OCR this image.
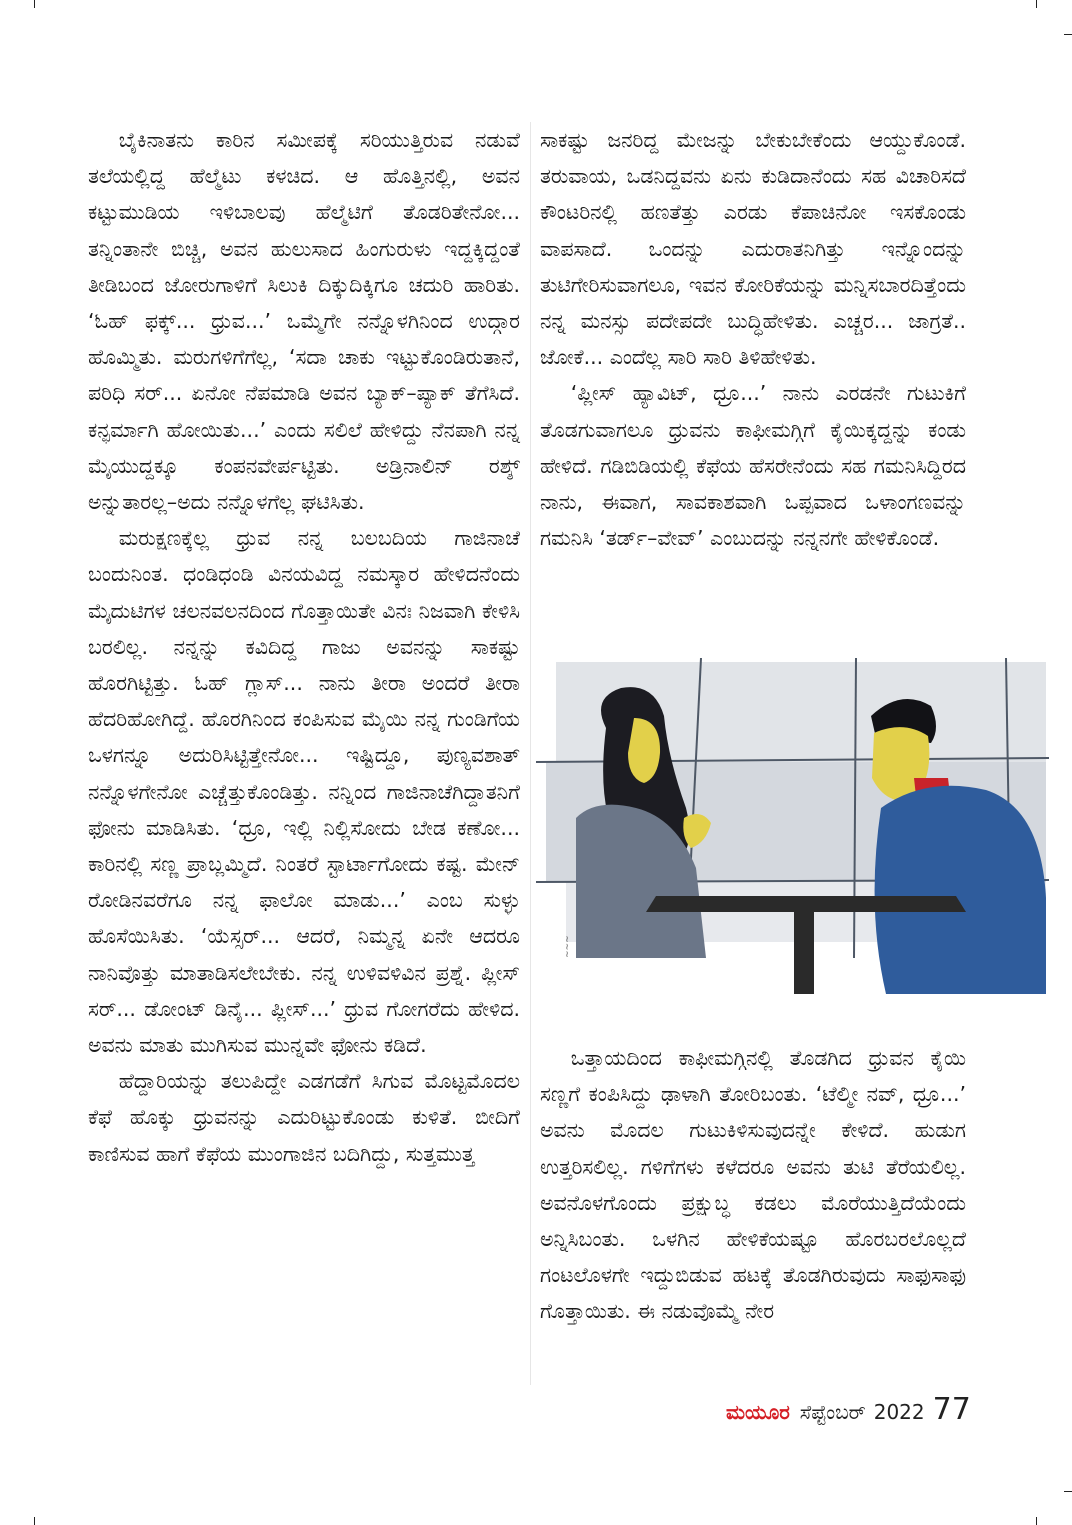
ಬೈಕಿನಾತನು ಕಾರಿನ ಸಮೀಪಕ್ಕೆ ಸರಿಯುತ್ತಿರುವ ನಡುವೆ ತಲೆಯಲ್ಲಿದ್ದ ಹೆಲ್ಮೆಟು ಕಳಚಿದ. ಆ ಹೊತ್ತಿನಲ್ಲಿ, ಅವನ ಕಟ್ಟುಮುಡಿಯ ಇಳಿಬಾಲವು ಹೆಲ್ಮೆಟಿಗೆ ತೊಡರಿತೇನೋ... ತನ್ನಿಂತಾನೇ ಬಿಚ್ಚಿ, ಅವನ ಹುಲುಸಾದ ಹಿಂಗುರುಳು ಇದ್ದಕ್ಕಿದ್ದಂತೆ ತೀಡಿಬಂದ ಜೋರುಗಾಳಿಗೆ ಸಿಲುಕಿ ದಿಕ್ಕುದಿಕ್ಕಿಗೂ ಚದುರಿ ಹಾರಿತು. ‘ಓಹ್ ಫಕ್ಕ್... ಧ್ರುವ...’ ಒಮ್ಮೆಗೇ ನನ್ನೊಳಗಿನಿಂದ ಉದ್ಗಾರ ಹೊಮ್ಮಿತು. ಮರುಗಳಿಗೆಗೆಲ್ಲ, ‘ಸದಾ ಚಾಕು ಇಟ್ಟುಕೊಂಡಿರುತಾನೆ, ಪರಿಧಿ ಸರ್... ಏನೋ ನೆಪಮಾಡಿ ಅವನ ಬ್ಯಾಕ್–ಪ್ಯಾಕ್ ತೆಗೆಸಿದೆ. ಕನ್ಫರ್ಮಾಗಿ ಹೋಯಿತು...’ ಎಂದು ಸಲಿಲೆ ಹೇಳಿದ್ದು ನೆನಪಾಗಿ ನನ್ನ ಮೈಯುದ್ದಕ್ಕೂ ಕಂಪನವೇರ್ಪಟ್ಟಿತು. ಅಡ್ರಿನಾಲಿನ್ ರಶ್ಶ್ ಅನ್ನುತಾರಲ್ಲ–ಅದು ನನ್ನೊಳಗೆಲ್ಲ ಘಟಿಸಿತು.

ಮರುಕ್ಷಣಕ್ಕೆಲ್ಲ ಧ್ರುವ ನನ್ನ ಬಲಬದಿಯ ಗಾಜಿನಾಚೆ ಬಂದುನಿಂತ. ಧಂಡಿಧಂಡಿ ವಿನಯವಿದ್ದ ನಮಸ್ಕಾರ ಹೇಳಿದನೆಂದು ಮೈದುಟಿಗಳ ಚಲನವಲನದಿಂದ ಗೊತ್ತಾಯಿತೇ ವಿನಃ ನಿಜವಾಗಿ ಕೇಳಿಸಿ ಬರಲಿಲ್ಲ. ನನ್ನನ್ನು ಕವಿದಿದ್ದ ಗಾಜು ಅವನನ್ನು ಸಾಕಷ್ಟು ಹೊರಗಿಟ್ಟಿತ್ತು. ಓಹ್ ಗ್ಲಾಸ್... ನಾನು ತೀರಾ ಅಂದರೆ ತೀರಾ ಹೆದರಿಹೋಗಿದ್ದೆ. ಹೊರಗಿನಿಂದ ಕಂಪಿಸುವ ಮೈಯಿ ನನ್ನ ಗುಂಡಿಗೆಯ ಒಳಗನ್ನೂ ಅದುರಿಸಿಟ್ಟಿತ್ತೇನೋ... ಇಷ್ಟಿದ್ದೂ, ಪುಣ್ಯವಶಾತ್ ನನ್ನೊಳಗೇನೋ ಎಚ್ಚೆತ್ತುಕೊಂಡಿತ್ತು. ನನ್ನಿಂದ ಗಾಜಿನಾಚೆಗಿದ್ದಾತನಿಗೆ ಫೋನು ಮಾಡಿಸಿತು. ‘ಧ್ರೂ, ಇಲ್ಲಿ ನಿಲ್ಲಿಸೋದು ಬೇಡ ಕಣೋ... ಕಾರಿನಲ್ಲಿ ಸಣ್ಣ ಪ್ರಾಬ್ಲಮ್ಮಿದೆ. ನಿಂತರೆ ಸ್ಟಾರ್ಟಾಗೋದು ಕಷ್ಟ. ಮೇನ್ ರೋಡಿನವರೆಗೂ ನನ್ನ ಫಾಲೋ ಮಾಡು...’ ಎಂಬ ಸುಳ್ಳು ಹೊಸೆಯಿಸಿತು. ‘ಯೆಸ್ಸರ್... ಆದರೆ, ನಿಮ್ಮನ್ನ ಏನೇ ಆದರೂ ನಾನಿವೊತ್ತು ಮಾತಾಡಿಸಲೇಬೇಕು. ನನ್ನ ಉಳಿವಳಿವಿನ ಪ್ರಶ್ನೆ. ಪ್ಲೀಸ್ ಸರ್... ಡೋಂಟ್ ಡಿನೈ... ಪ್ಲೀಸ್...’ ಧ್ರುವ ಗೋಗರೆದು ಹೇಳಿದ. ಅವನು ಮಾತು ಮುಗಿಸುವ ಮುನ್ನವೇ ಫೋನು ಕಡಿದೆ.

ಹೆದ್ದಾರಿಯನ್ನು ತಲುಪಿದ್ದೇ ಎಡಗಡೆಗೆ ಸಿಗುವ ಮೊಟ್ಟಮೊದಲ ಕೆಫೆ ಹೊಕ್ಕು ಧ್ರುವನನ್ನು ಎದುರಿಟ್ಟುಕೊಂಡು ಕುಳಿತೆ. ಬೀದಿಗೆ ಕಾಣಿಸುವ ಹಾಗೆ ಕೆಫೆಯ ಮುಂಗಾಜಿನ ಬದಿಗಿದ್ದು, ಸುತ್ತಮುತ್ತ

ಸಾಕಷ್ಟು ಜನರಿದ್ದ ಮೇಜನ್ನು ಬೇಕುಬೇಕೆಂದು ಆಯ್ದುಕೊಂಡೆ. ತರುವಾಯ, ಒಡನಿದ್ದವನು ಏನು ಕುಡಿದಾನೆಂದು ಸಹ ವಿಚಾರಿಸದೆ ಕೌಂಟರಿನಲ್ಲಿ ಹಣತೆತ್ತು ಎರಡು ಕೆಪಾಚಿನೋ ಇಸಕೊಂಡು ವಾಪಸಾದೆ. ಒಂದನ್ನು ಎದುರಾತನಿಗಿತ್ತು ಇನ್ನೊಂದನ್ನು ತುಟಿಗೇರಿಸುವಾಗಲೂ, ಇವನ ಕೋರಿಕೆಯನ್ನು ಮನ್ನಿಸಬಾರದಿತ್ತೆಂದು ನನ್ನ ಮನಸ್ಸು ಪದೇಪದೇ ಬುದ್ಧಿಹೇಳಿತು. ಎಚ್ಚರ... ಜಾಗ್ರತೆ.. ಜೋಕೆ... ಎಂದೆಲ್ಲ ಸಾರಿ ಸಾರಿ ತಿಳಿಹೇಳಿತು.

‘ಪ್ಲೀಸ್ ಹ್ಯಾವಿಟ್, ಧ್ರೂ...’ ನಾನು ಎರಡನೇ ಗುಟುಕಿಗೆ ತೊಡಗುವಾಗಲೂ ಧ್ರುವನು ಕಾಫೀಮಗ್ಗಿಗೆ ಕೈಯಿಕ್ಕದ್ದನ್ನು ಕಂಡು ಹೇಳಿದೆ. ಗಡಿಬಿಡಿಯಲ್ಲಿ ಕೆಫೆಯ ಹೆಸರೇನೆಂದು ಸಹ ಗಮನಿಸಿದ್ದಿರದ ನಾನು, ಈವಾಗ, ಸಾವಕಾಶವಾಗಿ ಒಪ್ಪವಾದ ಒಳಾಂಗಣವನ್ನು ಗಮನಿಸಿ ‘ತರ್ಡ್–ವೇವ್’ ಎಂಬುದನ್ನು ನನ್ನನಗೇ ಹೇಳಿಕೊಂಡೆ.

~~~

ಒತ್ತಾಯದಿಂದ ಕಾಫೀಮಗ್ಗಿನಲ್ಲಿ ತೊಡಗಿದ ಧ್ರುವನ ಕೈಯಿ ಸಣ್ಣಗೆ ಕಂಪಿಸಿದ್ದು ಢಾಳಾಗಿ ತೋರಿಬಂತು. ‘ಟೆಲ್ಮೀ ನವ್, ಧ್ರೂ...’ ಅವನು ಮೊದಲ ಗುಟುಕಿಳಿಸುವುದನ್ನೇ ಕೇಳಿದೆ. ಹುಡುಗ ಉತ್ತರಿಸಲಿಲ್ಲ. ಗಳಿಗೆಗಳು ಕಳೆದರೂ ಅವನು ತುಟಿ ತೆರೆಯಲಿಲ್ಲ. ಅವನೊಳಗೊಂದು ಪ್ರಕ್ಷುಬ್ಧ ಕಡಲು ಮೊರೆಯುತ್ತಿದೆಯೆಂದು ಅನ್ನಿಸಿಬಂತು. ಒಳಗಿನ ಹೇಳಿಕೆಯಷ್ಟೂ ಹೊರಬರಲೊಲ್ಲದೆ ಗಂಟಲೊಳಗೇ ಇದ್ದುಬಿಡುವ ಹಟಕ್ಕೆ ತೊಡಗಿರುವುದು ಸಾಫುಸಾಫು ಗೊತ್ತಾಯಿತು. ಈ ನಡುವೊಮ್ಮೆ ನೇರ

ಮಯೂರ ಸೆಪ್ಟೆಂಬರ್ 2022 77
